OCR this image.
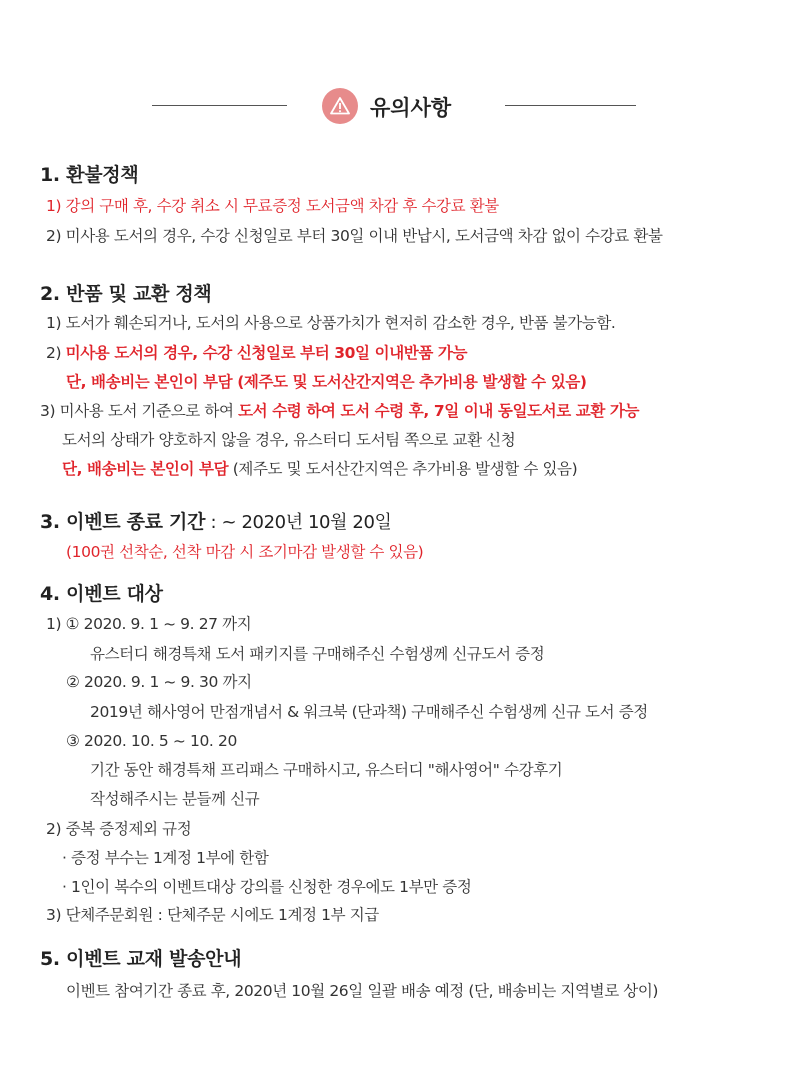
유의사항
1. 환불정책
1) 강의 구매 후, 수강 취소 시 무료증정 도서금액 차감 후 수강료 환불
2) 미사용 도서의 경우, 수강 신청일로 부터 30일 이내 반납시, 도서금액 차감 없이 수강료 환불
2. 반품 및 교환 정책
1) 도서가 훼손되거나, 도서의 사용으로 상품가치가 현저히 감소한 경우, 반품 불가능함.
2) 미사용 도서의 경우, 수강 신청일로 부터 30일 이내반품 가능
단, 배송비는 본인이 부담 (제주도 및 도서산간지역은 추가비용 발생할 수 있음)
3) 미사용 도서 기준으로 하여 도서 수령 하여 도서 수령 후, 7일 이내 동일도서로 교환 가능
도서의 상태가 양호하지 않을 경우, 유스터디 도서팀 쪽으로 교환 신청
단, 배송비는 본인이 부담 (제주도 및 도서산간지역은 추가비용 발생할 수 있음)
3. 이벤트 종료 기간 : ~ 2020년 10월 20일
(100권 선착순, 선착 마감 시 조기마감 발생할 수 있음)
4. 이벤트 대상
1) ① 2020. 9. 1 ~ 9. 27 까지
유스터디 해경특채 도서 패키지를 구매해주신 수험생께 신규도서 증정
② 2020. 9. 1 ~ 9. 30 까지
2019년 해사영어 만점개념서 & 워크북 (단과책) 구매해주신 수험생께 신규 도서 증정
③ 2020. 10. 5 ~ 10. 20
기간 동안 해경특채 프리패스 구매하시고, 유스터디 "해사영어" 수강후기
작성해주시는 분들께 신규
2) 중복 증정제외 규정
· 증정 부수는 1계정 1부에 한함
· 1인이 복수의 이벤트대상 강의를 신청한 경우에도 1부만 증정
3) 단체주문회원 : 단체주문 시에도 1계정 1부 지급
5. 이벤트 교재 발송안내
이벤트 참여기간 종료 후, 2020년 10월 26일 일괄 배송 예정 (단, 배송비는 지역별로 상이)
